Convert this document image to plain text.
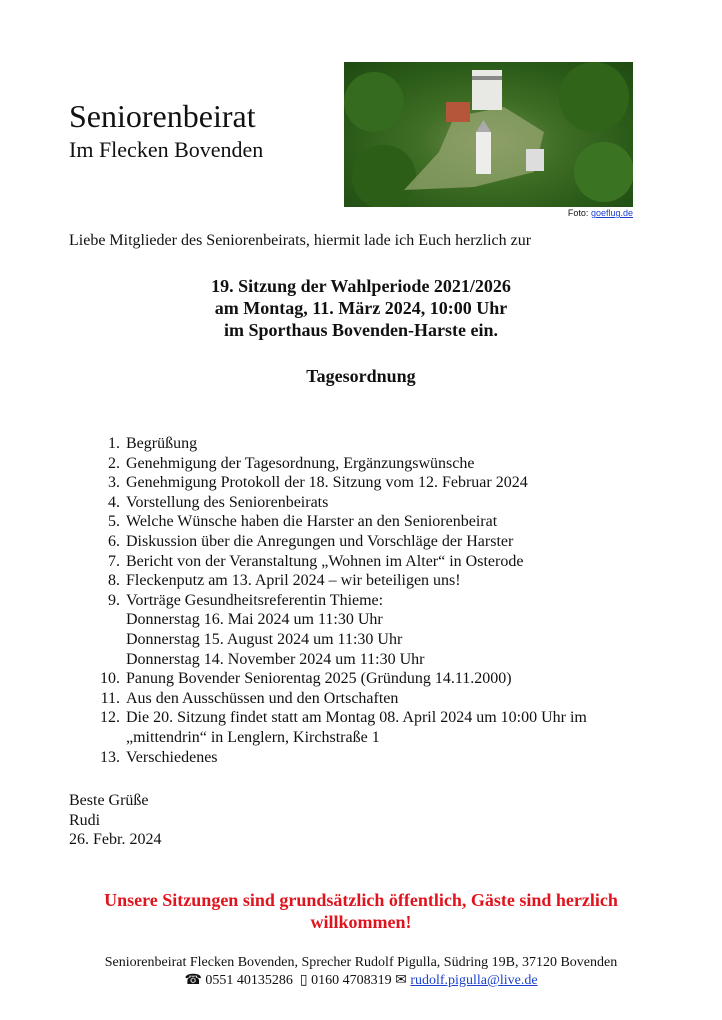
Seniorenbeirat
Im Flecken Bovenden
Foto: goeflug.de
Liebe Mitglieder des Seniorenbeirats, hiermit lade ich Euch herzlich zur
19. Sitzung der Wahlperiode 2021/2026
am Montag, 11. März 2024, 10:00 Uhr
im Sporthaus Bovenden-Harste ein.
Tagesordnung
1. Begrüßung
2. Genehmigung der Tagesordnung, Ergänzungswünsche
3. Genehmigung Protokoll der 18. Sitzung vom 12. Februar 2024
4. Vorstellung des Seniorenbeirats
5. Welche Wünsche haben die Harster an den Seniorenbeirat
6. Diskussion über die Anregungen und Vorschläge der Harster
7. Bericht von der Veranstaltung „Wohnen im Alter“ in Osterode
8. Fleckenputz am 13. April 2024 – wir beteiligen uns!
9. Vorträge Gesundheitsreferentin Thieme:
Donnerstag 16. Mai 2024 um 11:30 Uhr
Donnerstag 15. August 2024 um 11:30 Uhr
Donnerstag 14. November 2024 um 11:30 Uhr
10. Panung Bovender Seniorentag 2025 (Gründung 14.11.2000)
11. Aus den Ausschüssen und den Ortschaften
12. Die 20. Sitzung findet statt am Montag 08. April 2024 um 10:00 Uhr im
„mittendrin“ in Lenglern, Kirchstraße 1
13. Verschiedenes
Beste Grüße
Rudi
26. Febr. 2024
Unsere Sitzungen sind grundsätzlich öffentlich, Gäste sind herzlich willkommen!
Seniorenbeirat Flecken Bovenden, Sprecher Rudolf Pigulla, Südring 19B, 37120 Bovenden
☎ 0551 40135286 ▯ 0160 4708319 ✉ rudolf.pigulla@live.de
